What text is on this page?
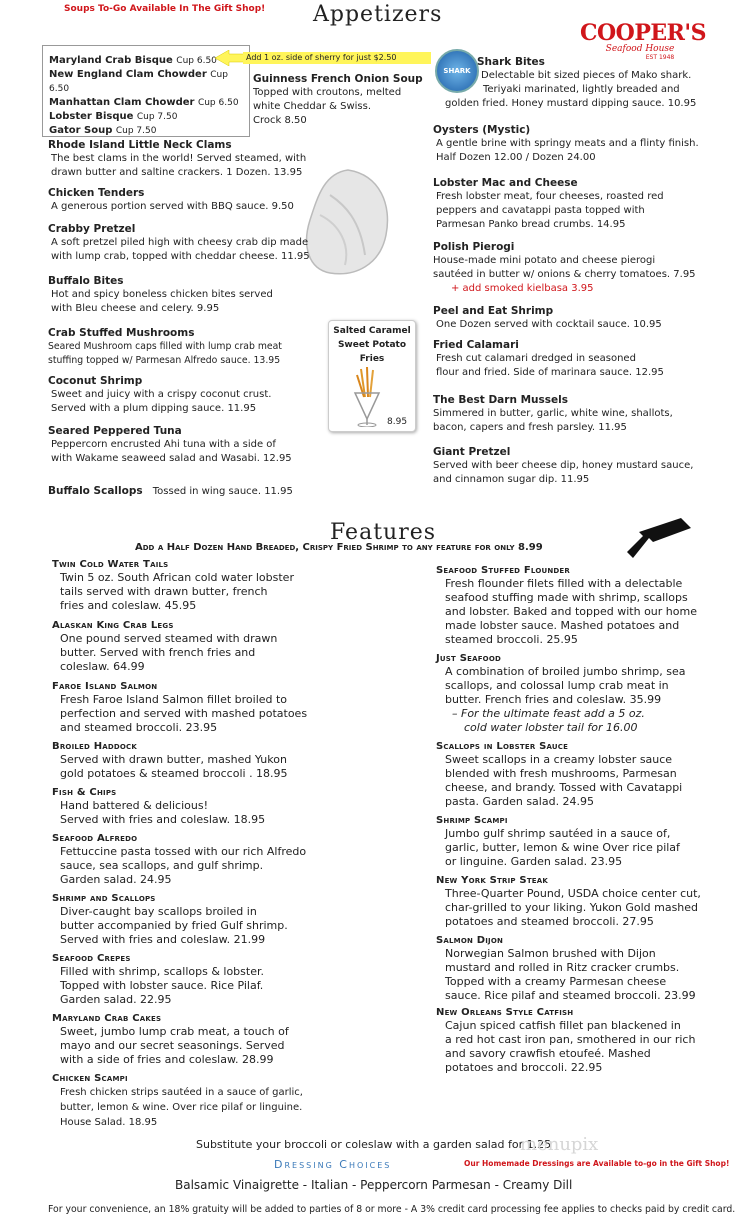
Soups To-Go Available In The Gift Shop! Appetizers
COOPER'S
Seafood House
EST 1948
Maryland Crab Bisque Cup 6.50
New England Clam Chowder Cup 6.50
Manhattan Clam Chowder Cup 6.50
Lobster Bisque Cup 7.50
Gator Soup Cup 7.50
Add 1 oz. side of sherry for just $2.50
Guinness French Onion Soup
Topped with croutons, melted
white Cheddar & Swiss.
Crock 8.50
SHARK
Rhode Island Little Neck Clams
The best clams in the world! Served steamed, with
drawn butter and saltine crackers. 1 Dozen. 13.95
Chicken Tenders
A generous portion served with BBQ sauce. 9.50
Crabby Pretzel
A soft pretzel piled high with cheesy crab dip made
with lump crab, topped with cheddar cheese. 11.95
Buffalo Bites
Hot and spicy boneless chicken bites served
with Bleu cheese and celery. 9.95
Crab Stuffed Mushrooms
Seared Mushroom caps filled with lump crab meat
stuffing topped w/ Parmesan Alfredo sauce. 13.95
Coconut Shrimp
Sweet and juicy with a crispy coconut crust.
Served with a plum dipping sauce. 11.95
Seared Peppered Tuna
Peppercorn encrusted Ahi tuna with a side of
with Wakame seaweed salad and Wasabi. 12.95
Buffalo Scallops Tossed in wing sauce. 11.95
Salted Caramel
Sweet Potato
Fries
8.95
Shark Bites
Delectable bit sized pieces of Mako shark.
Teriyaki marinated, lightly breaded and
golden fried. Honey mustard dipping sauce. 10.95
Oysters (Mystic)
A gentle brine with springy meats and a flinty finish.
Half Dozen 12.00 / Dozen 24.00
Lobster Mac and Cheese
Fresh lobster meat, four cheeses, roasted red
peppers and cavatappi pasta topped with
Parmesan Panko bread crumbs. 14.95
Polish Pierogi
House-made mini potato and cheese pierogi
sautéed in butter w/ onions & cherry tomatoes. 7.95
+ add smoked kielbasa 3.95
Peel and Eat Shrimp
One Dozen served with cocktail sauce. 10.95
Fried Calamari
Fresh cut calamari dredged in seasoned
flour and fried. Side of marinara sauce. 12.95
The Best Darn Mussels
Simmered in butter, garlic, white wine, shallots,
bacon, capers and fresh parsley. 11.95
Giant Pretzel
Served with beer cheese dip, honey mustard sauce,
and cinnamon sugar dip. 11.95
Features
Add a Half Dozen Hand Breaded, Crispy Fried Shrimp to any feature for only 8.99
Twin Cold Water Tails
Twin 5 oz. South African cold water lobster
tails served with drawn butter, french
fries and coleslaw. 45.95
Alaskan King Crab Legs
One pound served steamed with drawn
butter. Served with french fries and
coleslaw. 64.99
Faroe Island Salmon
Fresh Faroe Island Salmon fillet broiled to
perfection and served with mashed potatoes
and steamed broccoli. 23.95
Broiled Haddock
Served with drawn butter, mashed Yukon
gold potatoes & steamed broccoli . 18.95
Fish & Chips
Hand battered & delicious!
Served with fries and coleslaw. 18.95
Seafood Alfredo
Fettuccine pasta tossed with our rich Alfredo
sauce, sea scallops, and gulf shrimp.
Garden salad. 24.95
Shrimp and Scallops
Diver-caught bay scallops broiled in
butter accompanied by fried Gulf shrimp.
Served with fries and coleslaw. 21.99
Seafood Crepes
Filled with shrimp, scallops & lobster.
Topped with lobster sauce. Rice Pilaf.
Garden salad. 22.95
Maryland Crab Cakes
Sweet, jumbo lump crab meat, a touch of
mayo and our secret seasonings. Served
with a side of fries and coleslaw. 28.99
Chicken Scampi
Fresh chicken strips sautéed in a sauce of garlic,
butter, lemon & wine. Over rice pilaf or linguine.
House Salad. 18.95
Seafood Stuffed Flounder
Fresh flounder filets filled with a delectable
seafood stuffing made with shrimp, scallops
and lobster. Baked and topped with our home
made lobster sauce. Mashed potatoes and
steamed broccoli. 25.95
Just Seafood
A combination of broiled jumbo shrimp, sea
scallops, and colossal lump crab meat in
butter. French fries and coleslaw. 35.99
– For the ultimate feast add a 5 oz.
cold water lobster tail for 16.00
Scallops in Lobster Sauce
Sweet scallops in a creamy lobster sauce
blended with fresh mushrooms, Parmesan
cheese, and brandy. Tossed with Cavatappi
pasta. Garden salad. 24.95
Shrimp Scampi
Jumbo gulf shrimp sautéed in a sauce of,
garlic, butter, lemon & wine Over rice pilaf
or linguine. Garden salad. 23.95
New York Strip Steak
Three-Quarter Pound, USDA choice center cut,
char-grilled to your liking. Yukon Gold mashed
potatoes and steamed broccoli. 27.95
Salmon Dijon
Norwegian Salmon brushed with Dijon
mustard and rolled in Ritz cracker crumbs.
Topped with a creamy Parmesan cheese
sauce. Rice pilaf and steamed broccoli. 23.99
New Orleans Style Catfish
Cajun spiced catfish fillet pan blackened in
a red hot cast iron pan, smothered in our rich
and savory crawfish etoufeé. Mashed
potatoes and broccoli. 22.95
Substitute your broccoli or coleslaw with a garden salad for 1.25
menupix
Dressing Choices	Our Homemade Dressings are Available to-go in the Gift Shop!
Balsamic Vinaigrette - Italian - Peppercorn Parmesan - Creamy Dill
For your convenience, an 18% gratuity will be added to parties of 8 or more - A 3% credit card processing fee applies to checks paid by credit card.
